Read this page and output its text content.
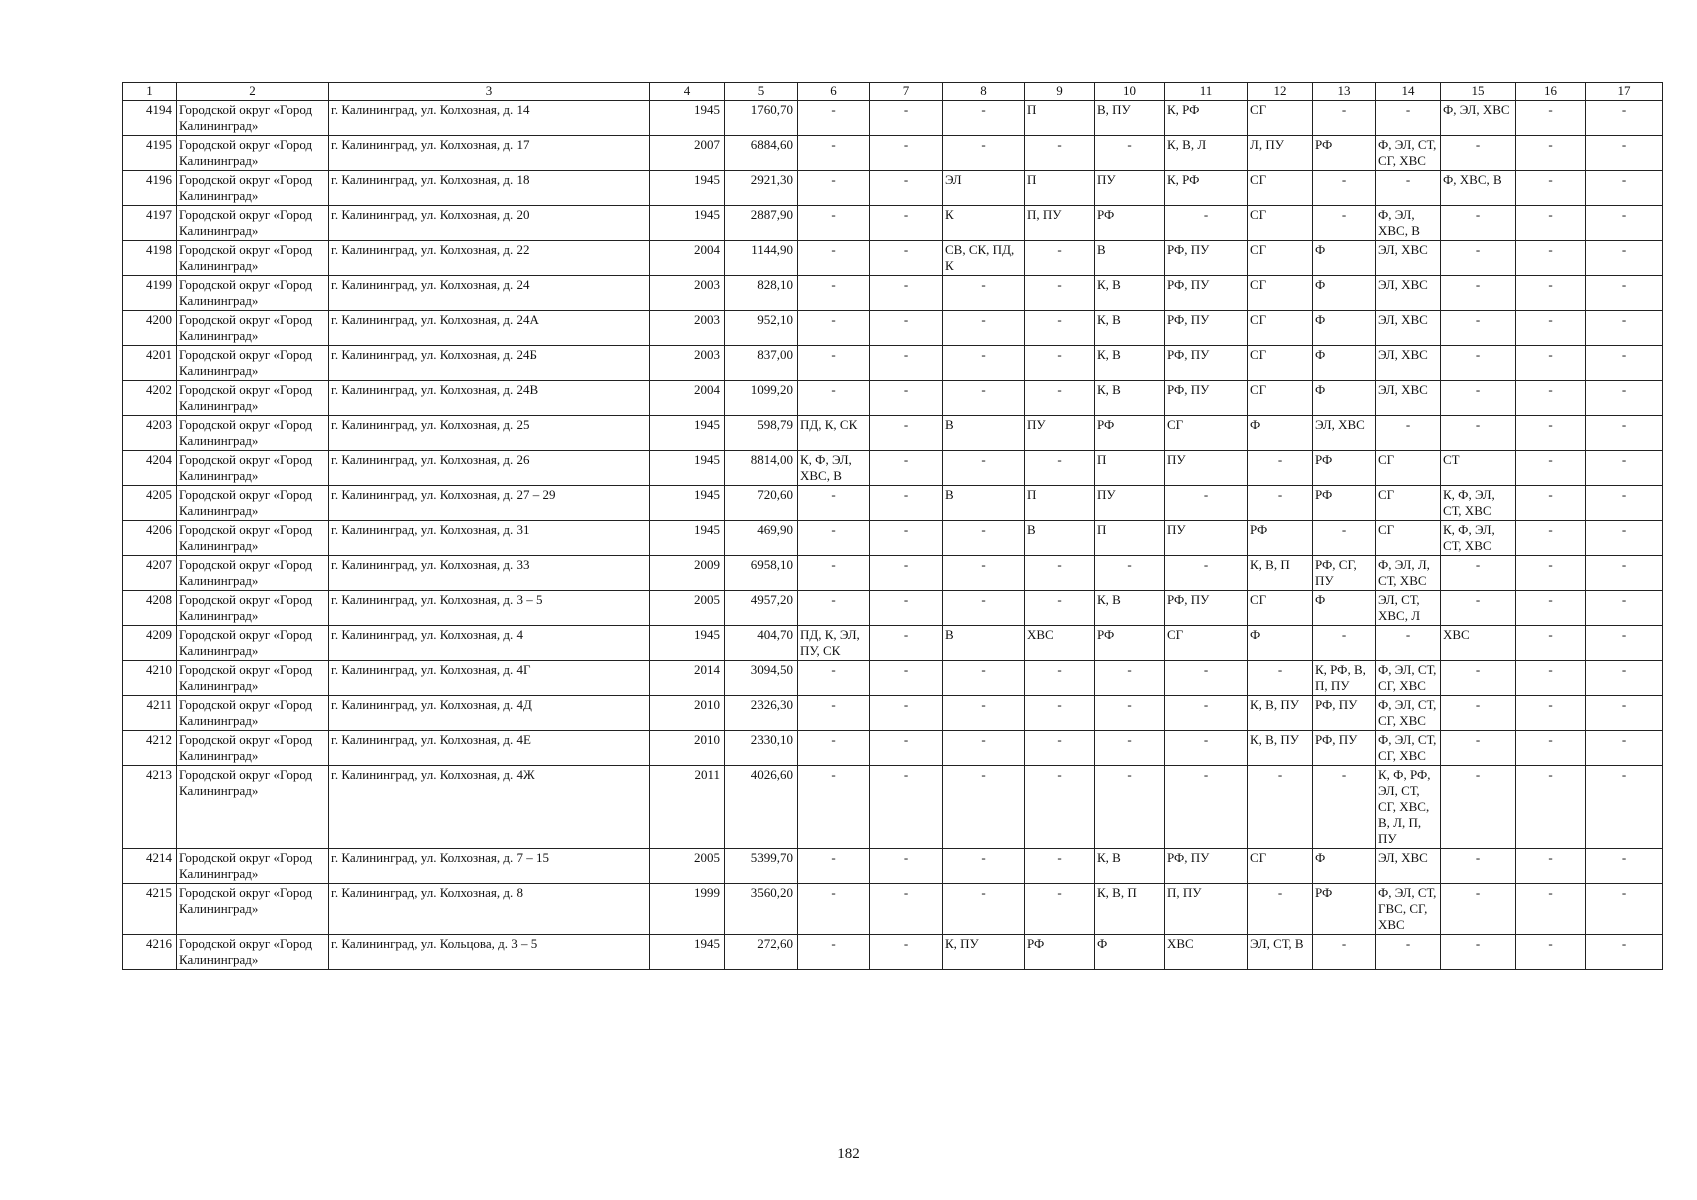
1	2	3	4	5	6	7	8	9	10	11	12	13	14	15	16	17
4194	Городской округ «Город Калининград»	г. Калининград, ул. Колхозная, д. 14	1945	1760,70	-	-	-	П	В, ПУ	К, РФ	СГ	-	-	Ф, ЭЛ, ХВС	-	-
4195	Городской округ «Город Калининград»	г. Калининград, ул. Колхозная, д. 17	2007	6884,60	-	-	-	-	-	К, В, Л	Л, ПУ	РФ	Ф, ЭЛ, СТ, СГ, ХВС	-	-	-
4196	Городской округ «Город Калининград»	г. Калининград, ул. Колхозная, д. 18	1945	2921,30	-	-	ЭЛ	П	ПУ	К, РФ	СГ	-	-	Ф, ХВС, В	-	-
4197	Городской округ «Город Калининград»	г. Калининград, ул. Колхозная, д. 20	1945	2887,90	-	-	К	П, ПУ	РФ	-	СГ	-	Ф, ЭЛ, ХВС, В	-	-	-
4198	Городской округ «Город Калининград»	г. Калининград, ул. Колхозная, д. 22	2004	1144,90	-	-	СВ, СК, ПД, К	-	В	РФ, ПУ	СГ	Ф	ЭЛ, ХВС	-	-	-
4199	Городской округ «Город Калининград»	г. Калининград, ул. Колхозная, д. 24	2003	828,10	-	-	-	-	К, В	РФ, ПУ	СГ	Ф	ЭЛ, ХВС	-	-	-
4200	Городской округ «Город Калининград»	г. Калининград, ул. Колхозная, д. 24А	2003	952,10	-	-	-	-	К, В	РФ, ПУ	СГ	Ф	ЭЛ, ХВС	-	-	-
4201	Городской округ «Город Калининград»	г. Калининград, ул. Колхозная, д. 24Б	2003	837,00	-	-	-	-	К, В	РФ, ПУ	СГ	Ф	ЭЛ, ХВС	-	-	-
4202	Городской округ «Город Калининград»	г. Калининград, ул. Колхозная, д. 24В	2004	1099,20	-	-	-	-	К, В	РФ, ПУ	СГ	Ф	ЭЛ, ХВС	-	-	-
4203	Городской округ «Город Калининград»	г. Калининград, ул. Колхозная, д. 25	1945	598,79	ПД, К, СК	-	В	ПУ	РФ	СГ	Ф	ЭЛ, ХВС	-	-	-	-
4204	Городской округ «Город Калининград»	г. Калининград, ул. Колхозная, д. 26	1945	8814,00	К, Ф, ЭЛ, ХВС, В	-	-	-	П	ПУ	-	РФ	СГ	СТ	-	-
4205	Городской округ «Город Калининград»	г. Калининград, ул. Колхозная, д. 27 – 29	1945	720,60	-	-	В	П	ПУ	-	-	РФ	СГ	К, Ф, ЭЛ, СТ, ХВС	-	-
4206	Городской округ «Город Калининград»	г. Калининград, ул. Колхозная, д. 31	1945	469,90	-	-	-	В	П	ПУ	РФ	-	СГ	К, Ф, ЭЛ, СТ, ХВС	-	-
4207	Городской округ «Город Калининград»	г. Калининград, ул. Колхозная, д. 33	2009	6958,10	-	-	-	-	-	-	К, В, П	РФ, СГ, ПУ	Ф, ЭЛ, Л, СТ, ХВС	-	-	-
4208	Городской округ «Город Калининград»	г. Калининград, ул. Колхозная, д. 3 – 5	2005	4957,20	-	-	-	-	К, В	РФ, ПУ	СГ	Ф	ЭЛ, СТ, ХВС, Л	-	-	-
4209	Городской округ «Город Калининград»	г. Калининград, ул. Колхозная, д. 4	1945	404,70	ПД, К, ЭЛ, ПУ, СК	-	В	ХВС	РФ	СГ	Ф	-	-	ХВС	-	-
4210	Городской округ «Город Калининград»	г. Калининград, ул. Колхозная, д. 4Г	2014	3094,50	-	-	-	-	-	-	-	К, РФ, В, П, ПУ	Ф, ЭЛ, СТ, СГ, ХВС	-	-	-
4211	Городской округ «Город Калининград»	г. Калининград, ул. Колхозная, д. 4Д	2010	2326,30	-	-	-	-	-	-	К, В, ПУ	РФ, ПУ	Ф, ЭЛ, СТ, СГ, ХВС	-	-	-
4212	Городской округ «Город Калининград»	г. Калининград, ул. Колхозная, д. 4Е	2010	2330,10	-	-	-	-	-	-	К, В, ПУ	РФ, ПУ	Ф, ЭЛ, СТ, СГ, ХВС	-	-	-
4213	Городской округ «Город Калининград»	г. Калининград, ул. Колхозная, д. 4Ж	2011	4026,60	-	-	-	-	-	-	-	-	К, Ф, РФ, ЭЛ, СТ, СГ, ХВС, В, Л, П, ПУ	-	-	-
4214	Городской округ «Город Калининград»	г. Калининград, ул. Колхозная, д. 7 – 15	2005	5399,70	-	-	-	-	К, В	РФ, ПУ	СГ	Ф	ЭЛ, ХВС	-	-	-
4215	Городской округ «Город Калининград»	г. Калининград, ул. Колхозная, д. 8	1999	3560,20	-	-	-	-	К, В, П	П, ПУ	-	РФ	Ф, ЭЛ, СТ, ГВС, СГ, ХВС	-	-	-
4216	Городской округ «Город Калининград»	г. Калининград, ул. Кольцова, д. 3 – 5	1945	272,60	-	-	К, ПУ	РФ	Ф	ХВС	ЭЛ, СТ, В	-	-	-	-	-
182
